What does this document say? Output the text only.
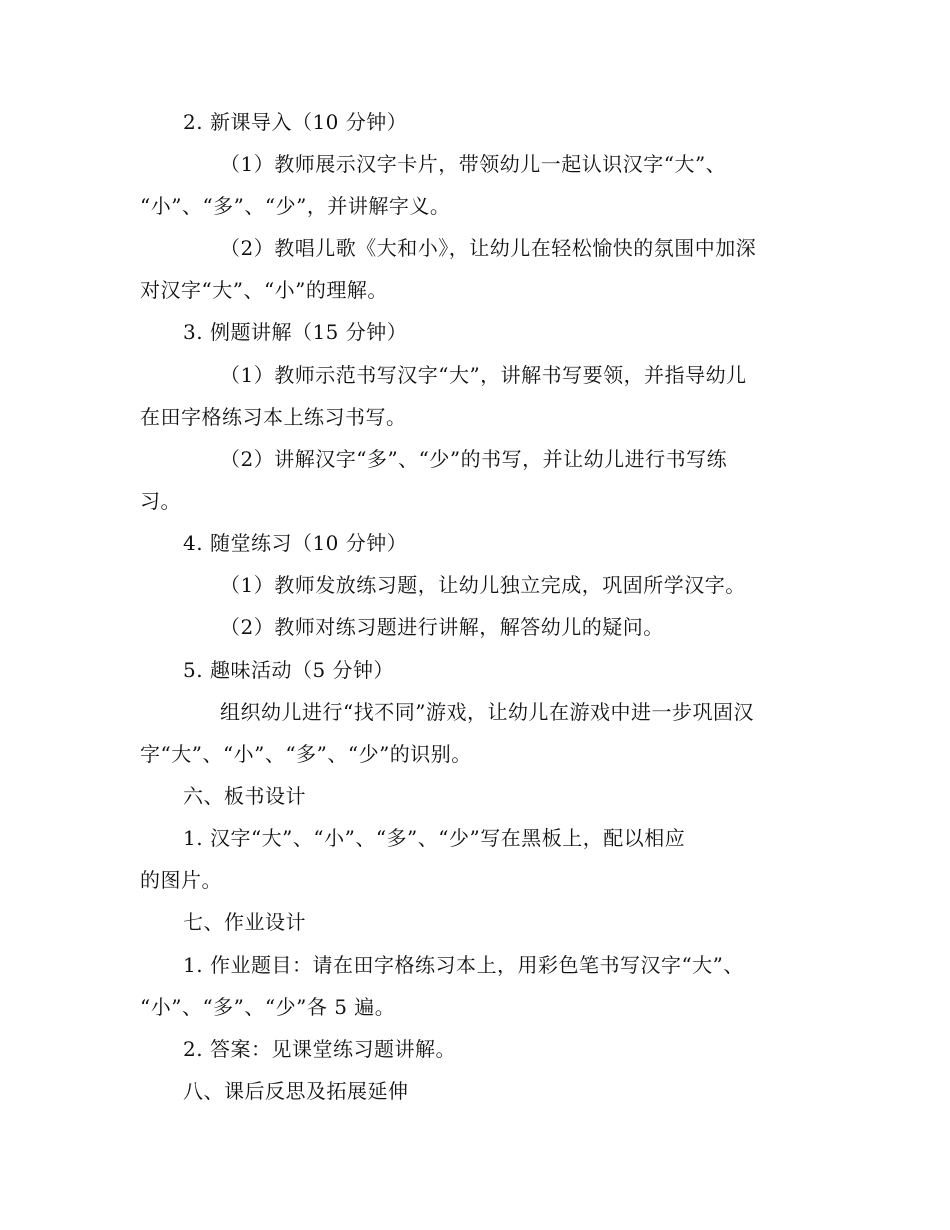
2. 新课导入（10 分钟）
（1）教师展示汉字卡片，带领幼儿一起认识汉字“大”、
“小”、“多”、“少”，并讲解字义。
（2）教唱儿歌《大和小》，让幼儿在轻松愉快的氛围中加深
对汉字“大”、“小”的理解。
3. 例题讲解（15 分钟）
（1）教师示范书写汉字“大”，讲解书写要领，并指导幼儿
在田字格练习本上练习书写。
（2）讲解汉字“多”、“少”的书写，并让幼儿进行书写练
习。
4. 随堂练习（10 分钟）
（1）教师发放练习题，让幼儿独立完成，巩固所学汉字。
（2）教师对练习题进行讲解，解答幼儿的疑问。
5. 趣味活动（5 分钟）
组织幼儿进行“找不同”游戏，让幼儿在游戏中进一步巩固汉
字“大”、“小”、“多”、“少”的识别。
六、板书设计
1. 汉字“大”、“小”、“多”、“少”写在黑板上，配以相应
的图片。
七、作业设计
1. 作业题目：请在田字格练习本上，用彩色笔书写汉字“大”、
“小”、“多”、“少”各 5 遍。
2. 答案：见课堂练习题讲解。
八、课后反思及拓展延伸
